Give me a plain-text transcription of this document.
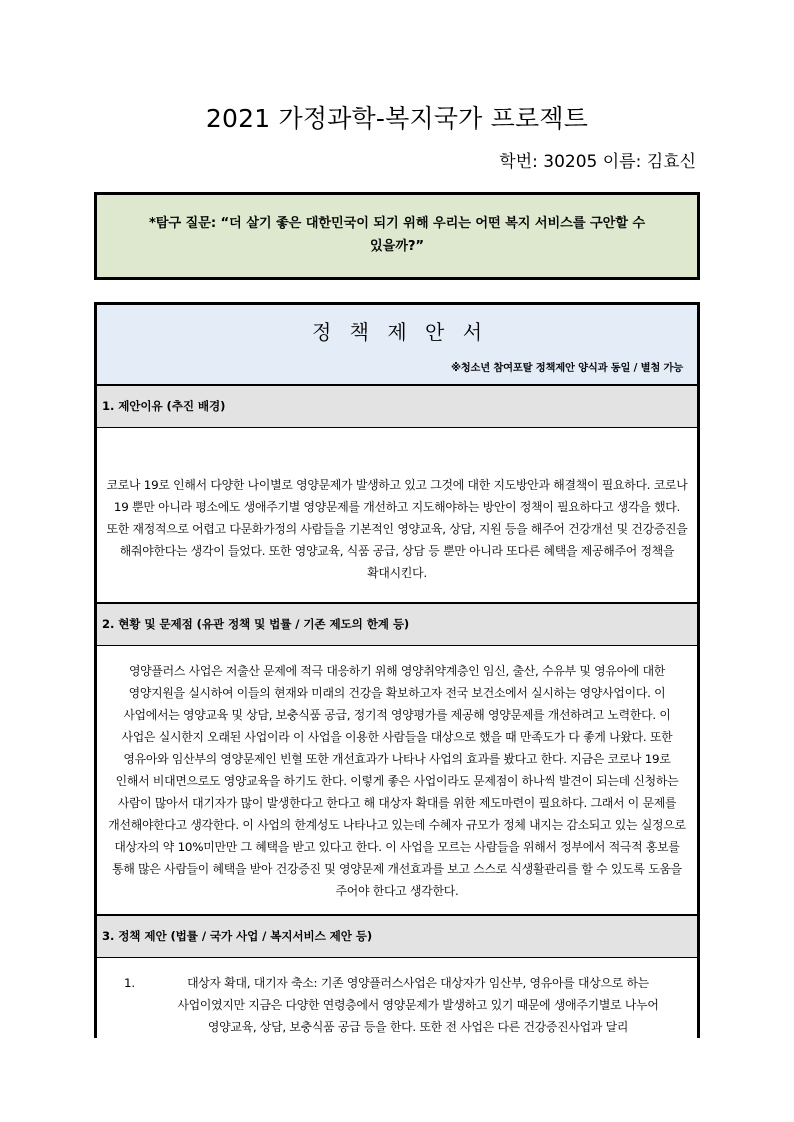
2021 가정과학-복지국가 프로젝트

학번: 30205 이름: 김효신

*탐구 질문: “더 살기 좋은 대한민국이 되기 위해 우리는 어떤 복지 서비스를 구안할 수 있을까?”

정 책 제 안 서

※청소년 참여포탈 정책제안 양식과 동일 / 별첨 가능

1. 제안이유 (추진 배경)

코로나 19로 인해서 다양한 나이별로 영양문제가 발생하고 있고 그것에 대한 지도방안과 해결책이 필요하다. 코로나 19 뿐만 아니라 평소에도 생애주기별 영양문제를 개선하고 지도해야하는 방안이 정책이 필요하다고 생각을 했다. 또한 재정적으로 어렵고 다문화가정의 사람들을 기본적인 영양교육, 상담, 지원 등을 해주어 건강개선 및 건강증진을 해줘야한다는 생각이 들었다. 또한 영양교육, 식품 공급, 상담 등 뿐만 아니라 또다른 혜택을 제공해주어 정책을 확대시킨다.

2. 현황 및 문제점 (유관 정책 및 법률 / 기존 제도의 한계 등)

영양플러스 사업은 저출산 문제에 적극 대응하기 위해 영양취약계층인 임신, 출산, 수유부 및 영유아에 대한 영양지원을 실시하여 이들의 현재와 미래의 건강을 확보하고자 전국 보건소에서 실시하는 영양사업이다. 이 사업에서는 영양교육 및 상담, 보충식품 공급, 정기적 영양평가를 제공해 영양문제를 개선하려고 노력한다. 이 사업은 실시한지 오래된 사업이라 이 사업을 이용한 사람들을 대상으로 했을 때 만족도가 다 좋게 나왔다. 또한 영유아와 임산부의 영양문제인 빈혈 또한 개선효과가 나타나 사업의 효과를 봤다고 한다. 지금은 코로나 19로 인해서 비대면으로도 영양교육을 하기도 한다. 이렇게 좋은 사업이라도 문제점이 하나씩 발견이 되는데 신청하는 사람이 많아서 대기자가 많이 발생한다고 한다고 해 대상자 확대를 위한 제도마련이 필요하다. 그래서 이 문제를 개선해야한다고 생각한다. 이 사업의 한계성도 나타나고 있는데 수혜자 규모가 정체 내지는 감소되고 있는 실정으로 대상자의 약 10%미만만 그 혜택을 받고 있다고 한다. 이 사업을 모르는 사람들을 위해서 정부에서 적극적 홍보를 통해 많은 사람들이 혜택을 받아 건강증진 및 영양문제 개선효과를 보고 스스로 식생활관리를 할 수 있도록 도움을 주어야 한다고 생각한다.

3. 정책 제안 (법률 / 국가 사업 / 복지서비스 제안 등)

1.	대상자 확대, 대기자 축소: 기존 영양플러스사업은 대상자가 임산부, 영유아를 대상으로 하는 사업이였지만 지금은 다양한 연령층에서 영양문제가 발생하고 있기 때문에 생애주기별로 나누어 영양교육, 상담, 보충식품 공급 등을 한다. 또한 전 사업은 다른 건강증진사업과 달리
